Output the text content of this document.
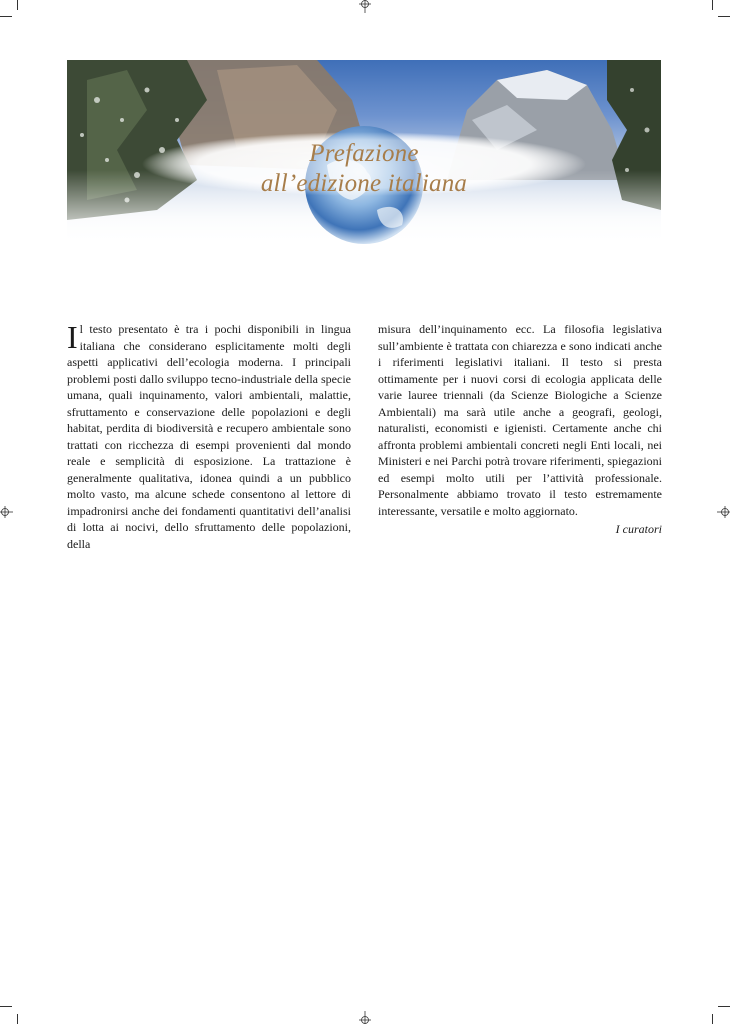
Prefazione
all’edizione italiana
I l testo presentato è tra i pochi disponibili in lingua italiana che considerano esplicitamente molti degli aspetti applicativi dell’ecologia moderna. I principali problemi posti dallo sviluppo tecno-industriale della specie umana, quali inquinamento, valori ambientali, malattie, sfruttamento e conservazione delle popolazioni e degli habitat, perdita di biodiversità e recupero ambientale sono trattati con ricchezza di esempi provenienti dal mondo reale e semplicità di esposizione. La trattazione è generalmente qualitativa, idonea quindi a un pubblico molto vasto, ma alcune schede consentono al lettore di impadronirsi anche dei fondamenti quantitativi dell’analisi di lotta ai nocivi, dello sfruttamento delle popolazioni, della
misura dell’inquinamento ecc. La filosofia legislativa sull’ambiente è trattata con chiarezza e sono indicati anche i riferimenti legislativi italiani. Il testo si presta ottimamente per i nuovi corsi di ecologia applicata delle varie lauree triennali (da Scienze Biologiche a Scienze Ambientali) ma sarà utile anche a geografi, geologi, naturalisti, economisti e igienisti. Certamente anche chi affronta problemi ambientali concreti negli Enti locali, nei Ministeri e nei Parchi potrà trovare riferimenti, spiegazioni ed esempi molto utili per l’attività professionale. Personalmente abbiamo trovato il testo estremamente interessante, versatile e molto aggiornato.
I curatori
